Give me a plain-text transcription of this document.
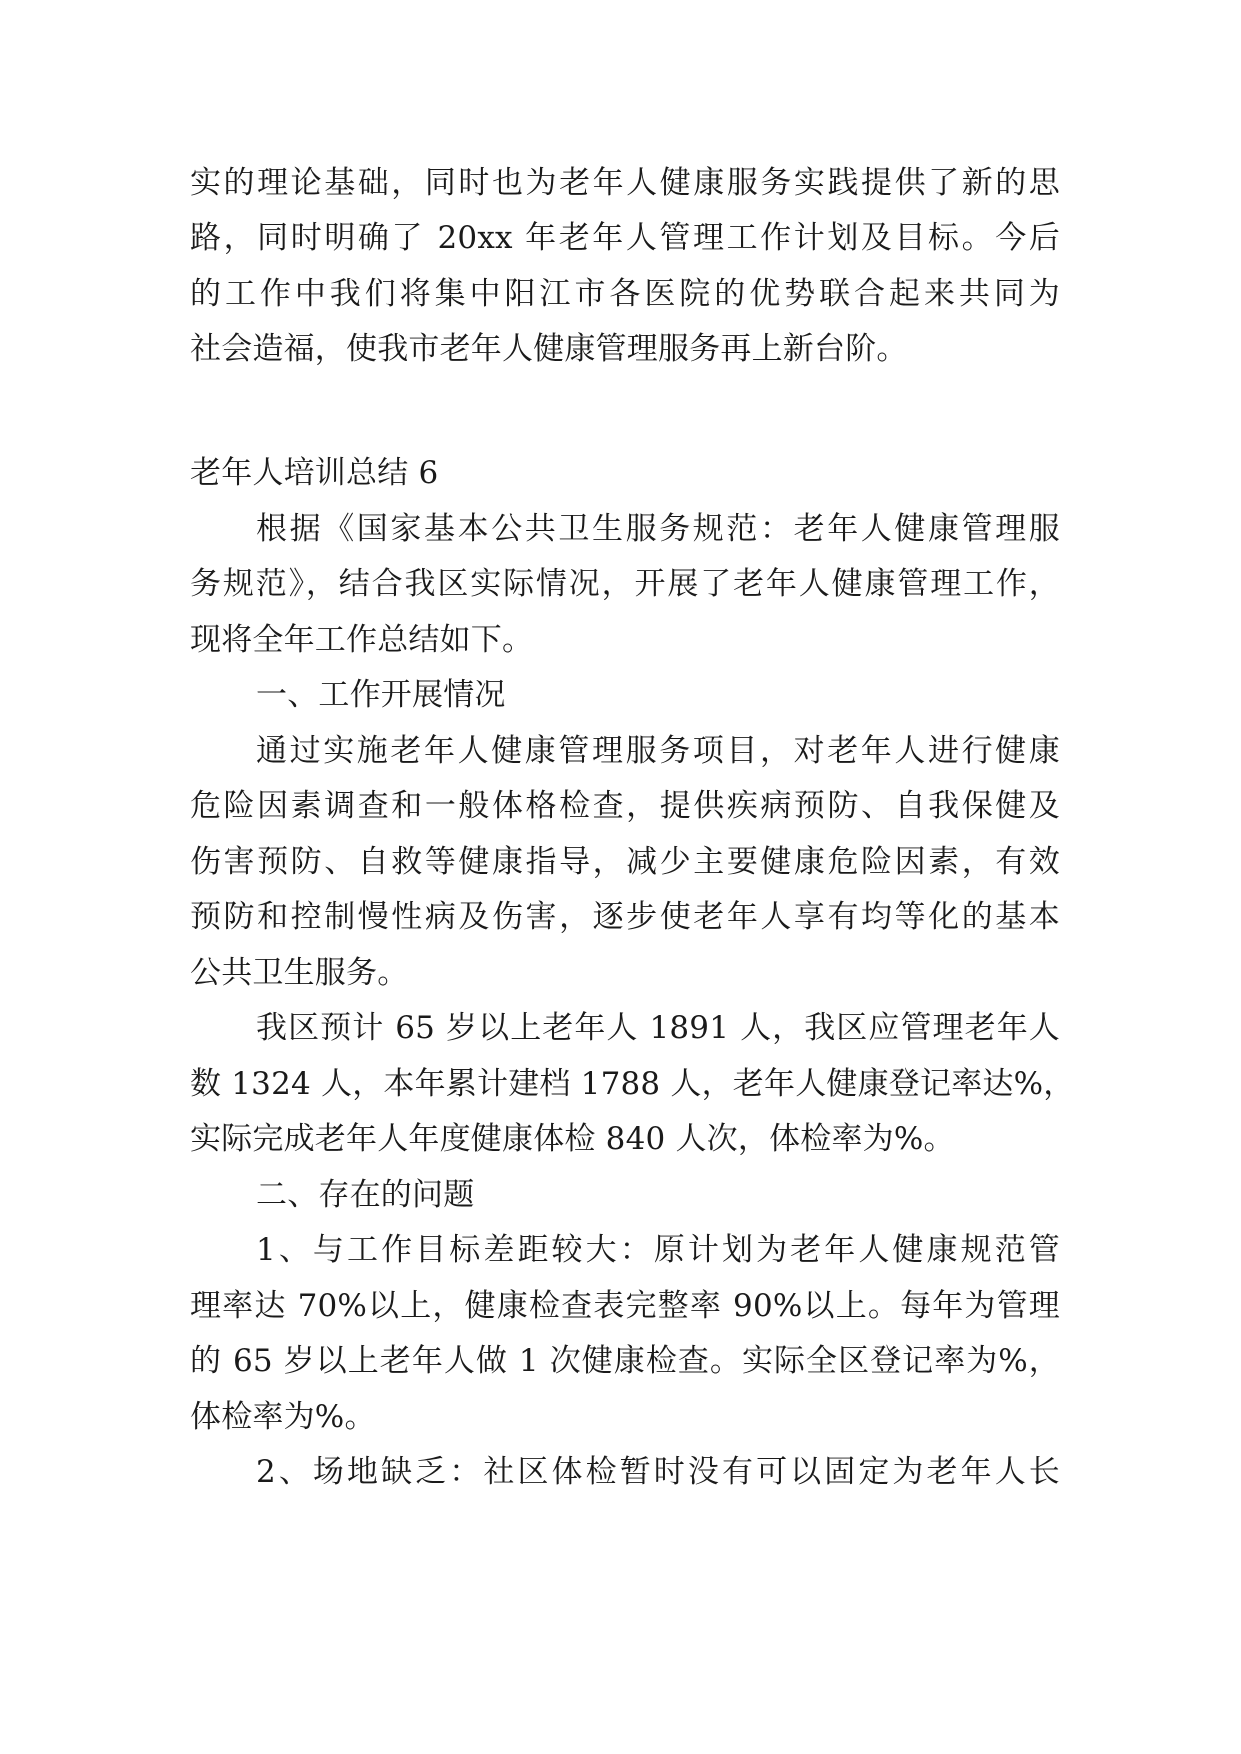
实的理论基础，同时也为老年人健康服务实践提供了新的思
路，同时明确了 20xx 年老年人管理工作计划及目标。今后
的工作中我们将集中阳江市各医院的优势联合起来共同为
社会造福，使我市老年人健康管理服务再上新台阶。
老年人培训总结 6
根据《国家基本公共卫生服务规范：老年人健康管理服
务规范》，结合我区实际情况，开展了老年人健康管理工作，
现将全年工作总结如下。
一、工作开展情况
通过实施老年人健康管理服务项目，对老年人进行健康
危险因素调查和一般体格检查，提供疾病预防、自我保健及
伤害预防、自救等健康指导，减少主要健康危险因素，有效
预防和控制慢性病及伤害，逐步使老年人享有均等化的基本
公共卫生服务。
我区预计 65 岁以上老年人 1891 人，我区应管理老年人
数 1324 人，本年累计建档 1788 人，老年人健康登记率达%，
实际完成老年人年度健康体检 840 人次，体检率为%。
二、存在的问题
1、与工作目标差距较大：原计划为老年人健康规范管
理率达 70%以上，健康检查表完整率 90%以上。每年为管理
的 65 岁以上老年人做 1 次健康检查。实际全区登记率为%，
体检率为%。
2、场地缺乏：社区体检暂时没有可以固定为老年人长
